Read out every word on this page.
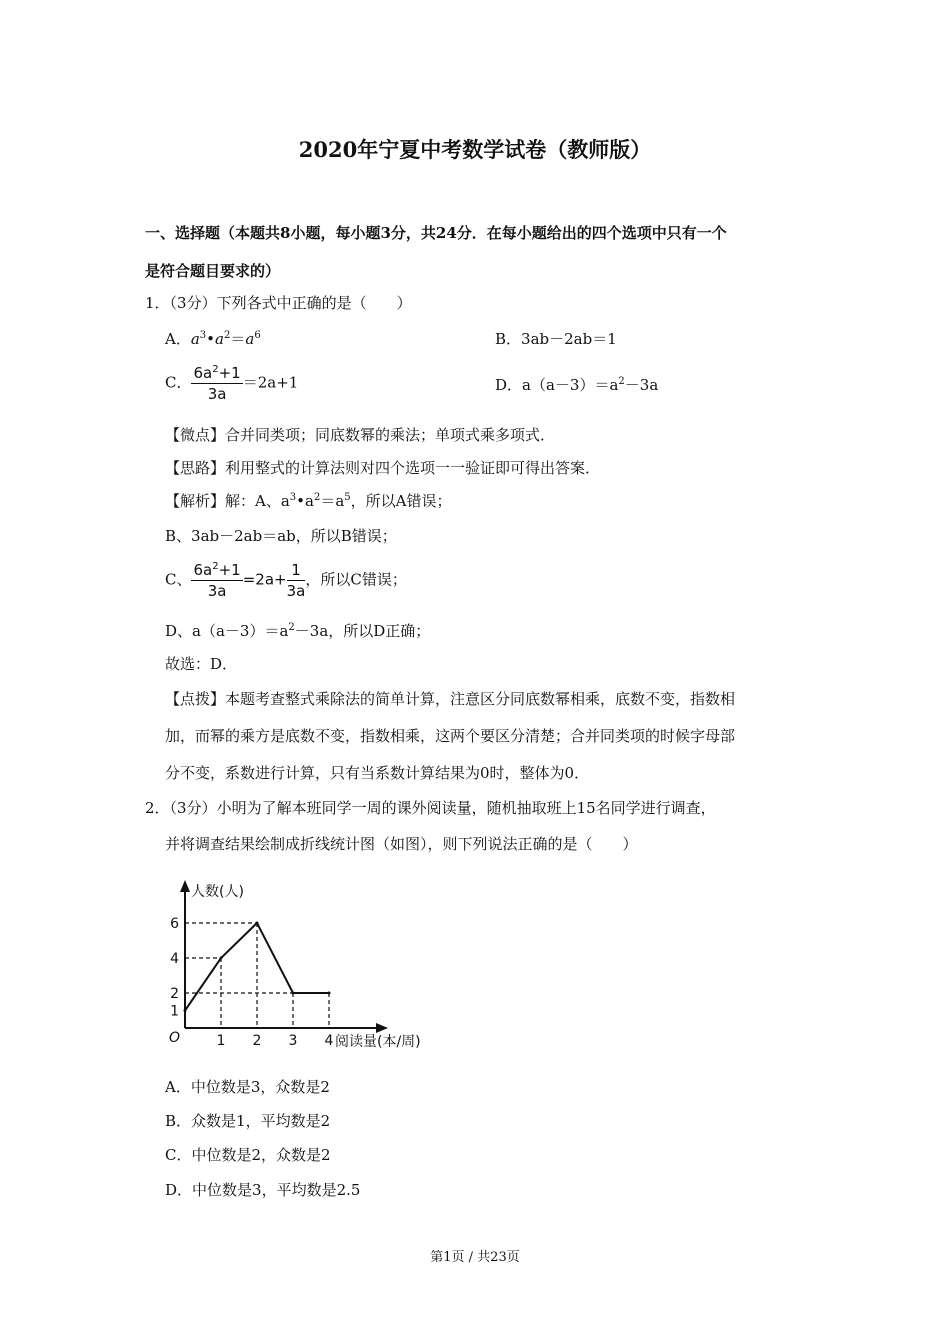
2020年宁夏中考数学试卷（教师版）
一、选择题（本题共8小题，每小题3分，共24分．在每小题给出的四个选项中只有一个
是符合题目要求的）
1．（3分）下列各式中正确的是（　　）
A．$a^3•a^2=a^6$	B．3ab－2ab＝1
C． $\frac{6a^2+1}{3a} =2a+1$	D．$a(a-3)=a^2-3a$
【微点】合并同类项；同底数幂的乘法；单项式乘多项式．
【思路】利用整式的计算法则对四个选项一一验证即可得出答案．
【解析】解：A、$a^3•a^2=a^5$，所以A错误；
B、3ab－2ab＝ab，所以B错误；
C、 $\frac{6a^2+1}{3a} =2a+ \frac{1}{3a}$ ，所以C错误；
D、$a(a-3)=a^2-3a$，所以D正确；
故选：D．
【点拨】本题考查整式乘除法的简单计算，注意区分同底数幂相乘，底数不变，指数相
加，而幂的乘方是底数不变，指数相乘，这两个要区分清楚；合并同类项的时候字母部
分不变，系数进行计算，只有当系数计算结果为0时，整体为0．
2．（3分）小明为了解本班同学一周的课外阅读量，随机抽取班上15名同学进行调查，
并将调查结果绘制成折线统计图（如图），则下列说法正确的是（　　）
O	1 2 3 4
1
2
4
6
人数(人)
阅读量(本/周)
A．中位数是3，众数是2
B．众数是1，平均数是2
C．中位数是2，众数是2
D．中位数是3，平均数是2.5
第1页 / 共23页
